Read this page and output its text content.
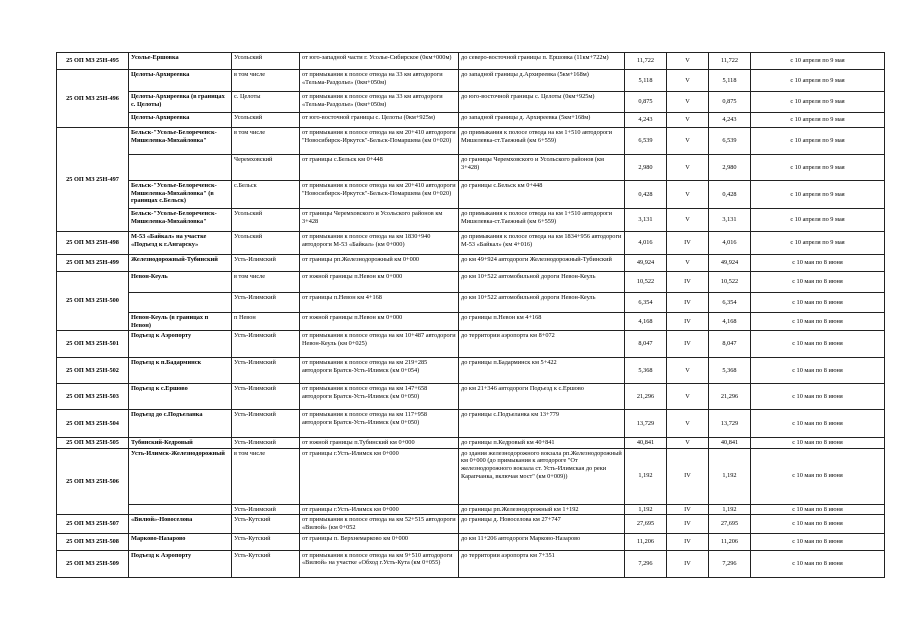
25 ОП МЗ 25Н-495	Усолье-Ершовка	Усольский	от юго-западной части г. Усолье-Сибирское (0км+000м)	до северо-восточной границы п. Ершовка (11км+722м)	11,722	V	11,722	с 10 апреля по 9 мая
25 ОП МЗ 25Н-496	Целоты-Архиреевка	в том числе	от примыкания к полосе отвода на 33 км автодороги «Тельма-Раздолье» (0км+050м)	до западной границы д.Архиреевка (5км+168м)	5,118	V	5,118	с 10 апреля по 9 мая
	Целоты-Архиреевка (в границах с. Целоты)	с. Целоты	от примыкания к полосе отвода на 33 км автодороги «Тельма-Раздолье» (0км+050м)	до юго-восточной границы с. Целоты (0км+925м)	0,875	V	0,875	с 10 апреля по 9 мая
	Целоты-Архиреевка	Усольский	от юго-восточной границы с. Целоты (0км+925м)	до западной границы д. Архиреевка (5км+168м)	4,243	V	4,243	с 10 апреля по 9 мая
25 ОП МЗ 25Н-497	Бельск-"Усолье-Белореченск-Мишелевка-Михайловка"	в том числе	от примыкания к полосе отвода на км 20+410 автодороги "Новосибирск-Иркутск"-Бельск-Помаршева (км 0+020)	до примыкания к полосе отвода на км 1+510 автодороги Мишелевка-ст.Таежный (км 6+559)	6,539	V	6,539	с 10 апреля по 9 мая
		Черемховский	от границы с.Бельск км 0+448	до границы Черемховского и Усольского районов (км 3+428)	2,980	V	2,980	с 10 апреля по 9 мая
	Бельск-"Усолье-Белореченск-Мишелевка-Михайловка" (в границах с.Бельск)	с.Бельск	от примыкания к полосе отвода на км 20+410 автодороги "Новосибирск-Иркутск"-Бельск-Помаршева (км 0+020)	до границы с.Бельск км 0+448	0,428	V	0,428	с 10 апреля по 9 мая
	Бельск-"Усолье-Белореченск-Мишелевка-Михайловка"	Усольский	от границы Черемховского и Усольского районов км 3+428	до примыкания к полосе отвода на км 1+510 автодороги Мишелевка-ст.Таежный (км 6+559)	3,131	V	3,131	с 10 апреля по 9 мая
25 ОП МЗ 25Н-498	М-53 «Байкал» на участке «Подъезд к г.Ангарску»	Усольский	от примыкания к полосе отвода на км 1830+940 автодороги М-53 «Байкал» (км 0+000)	до примыкания к полосе отвода на км 1834+956 автодороги М-53 «Байкал» (км 4+016)	4,016	IV	4,016	с 10 апреля по 9 мая
25 ОП МЗ 25Н-499	Железнодорожный-Тубинский	Усть-Илимский	от границы рп.Железнодорожный км 0+000	до км 49+924 автодороги Железнодорожный-Тубинский	49,924	V	49,924	с 10 мая по 8 июня
25 ОП МЗ 25Н-500	Невон-Кеуль	в том числе	от южной границы п.Невон км 0+000	до км 10+522 автомобильной дороги Невон-Кеуль	10,522	IV	10,522	с 10 мая по 8 июня
		Усть-Илимский	от границы п.Невон км 4+168	до км 10+522 автомобильной дороги Невон-Кеуль	6,354	IV	6,354	с 10 мая по 8 июня
	Невон-Кеуль (в границах п Невон)	п Невон	от южной границы п.Невон км 0+000	до границы п.Невон км 4+168	4,168	IV	4,168	с 10 мая по 8 июня
25 ОП МЗ 25Н-501	Подъезд к Аэропорту	Усть-Илимский	от примыкания к полосе отвода на км 10+487 автодороги Невон-Кеуль (км 0+025)	до территории аэропорта км 8+072	8,047	IV	8,047	с 10 мая по 8 июня
25 ОП МЗ 25Н-502	Подъезд к п.Бадарминск	Усть-Илимский	от примыкания к полосе отвода на км 219+285 автодороги Братск-Усть-Илимск (км 0+054)	до границы п.Бадарминск км 5+422	5,368	V	5,368	с 10 мая по 8 июня
25 ОП МЗ 25Н-503	Подъезд к с.Ершово	Усть-Илимский	от примыкания к полосе отвода на км 147+658 автодороги Братск-Усть-Илимск (км 0+050)	до км 21+346 автодороги Подъезд к с.Ершово	21,296	V	21,296	с 10 мая по 8 июня
25 ОП МЗ 25Н-504	Подъезд до с.Подъеланка	Усть-Илимский	от примыкания к полосе отвода на км 117+958 автодороги Братск-Усть-Илимск (км 0+050)	до границы с.Подъеланка км 13+779	13,729	V	13,729	с 10 мая по 8 июня
25 ОП МЗ 25Н-505	Тубинский-Кедровый	Усть-Илимский	от южной границы п.Тубинский км 0+000	до границы п.Кедровый км 40+841	40,841	V	40,841	с 10 мая по 8 июня
25 ОП МЗ 25Н-506	Усть-Илимск-Железнодорожный	в том числе	от границы г.Усть-Илимск км 0+000	до здания железнодорожного вокзала рп.Железнодорожный км 0+000 (до примыкания к автодороге "От железнодорожного вокзала ст. Усть-Илимская до реки Карапчанка, включая мост" (км 0+009))	1,192	IV	1,192	с 10 мая по 8 июня
		Усть-Илимский	от границы г.Усть-Илимск км 0+000	до границы рп.Железнодорожный км 1+192	1,192	IV	1,192	с 10 мая по 8 июня
25 ОП МЗ 25Н-507	«Вилюй»-Новоселова	Усть-Кутский	от примыкания к полосе отвода на км 52+515 автодороги «Вилюй» (км 0+052	до границы д. Новоселова км 27+747	27,695	IV	27,695	с 10 мая по 8 июня
25 ОП МЗ 25Н-508	Марково-Назарово	Усть-Кутский	от границы п. Верхнемарково км 0+000	до км 11+206 автодороги Марково-Назарово	11,206	IV	11,206	с 10 мая по 8 июня
25 ОП МЗ 25Н-509	Подъезд к Аэропорту	Усть-Кутский	от примыкания к полосе отвода на км 9+510 автодороги «Вилюй» на участке «Обход г.Усть-Кута (км 0+055)	до территории аэропорта км 7+351	7,296	IV	7,296	с 10 мая по 8 июня
